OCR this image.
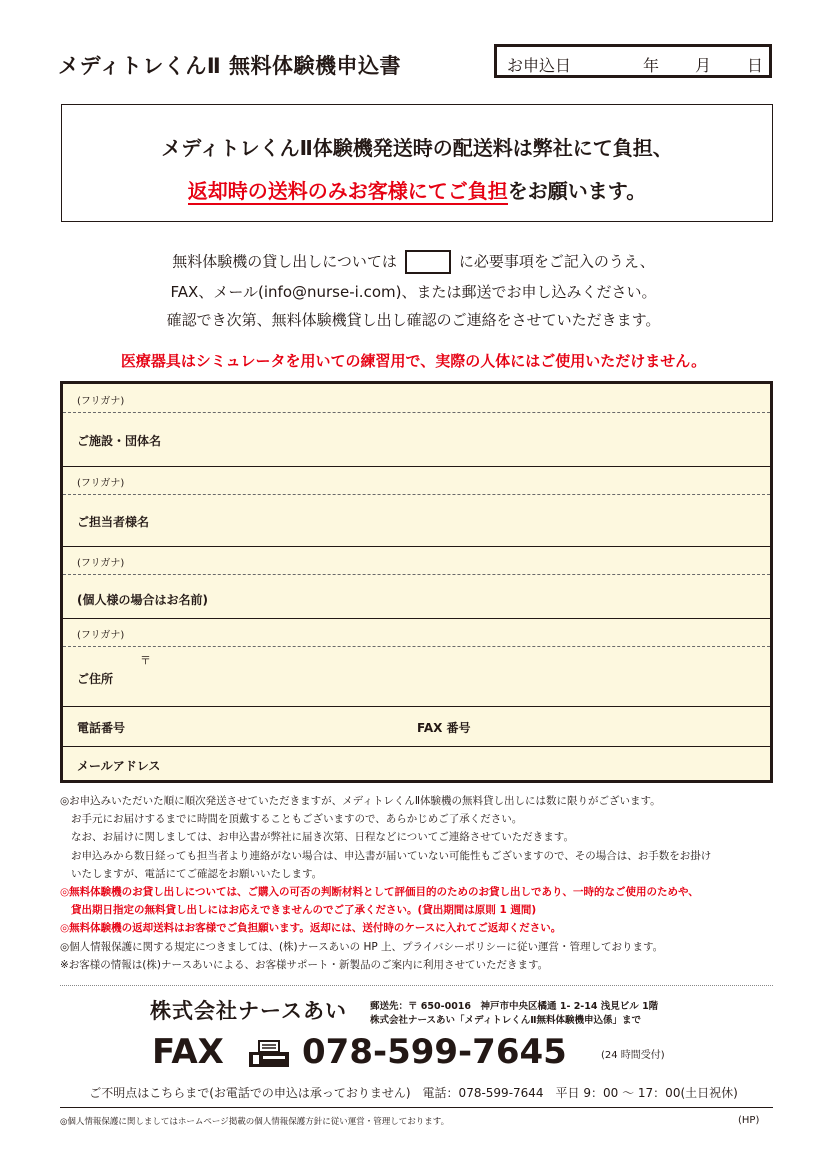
メディトレくんⅡ 無料体験機申込書	お申込日	年 月 日
メディトレくんⅡ体験機発送時の配送料は弊社にて負担、
返却時の送料のみお客様にてご負担をお願います。
無料体験機の貸し出しについては	に必要事項をご記入のうえ、
FAX、メール(info@nurse-i.com)、または郵送でお申し込みください。
確認でき次第、無料体験機貸し出し確認のご連絡をさせていただきます。
医療器具はシミュレータを用いての練習用で、実際の人体にはご使用いただけません。
(フリガナ)
ご施設・団体名
(フリガナ)
ご担当者様名
(フリガナ)
(個人様の場合はお名前)
(フリガナ)
〒
ご住所
電話番号	FAX 番号
メールアドレス
◎お申込みいただいた順に順次発送させていただきますが、メディトレくんⅡ体験機の無料貸し出しには数に限りがございます。
お手元にお届けするまでに時間を頂戴することもございますので、あらかじめご了承ください。
なお、お届けに関しましては、お申込書が弊社に届き次第、日程などについてご連絡させていただきます。
お申込みから数日経っても担当者より連絡がない場合は、申込書が届いていない可能性もございますので、その場合は、お手数をお掛け
いたしますが、電話にてご確認をお願いいたします。
◎無料体験機のお貸し出しについては、ご購入の可否の判断材料として評価目的のためのお貸し出しであり、一時的なご使用のためや、
貸出期日指定の無料貸し出しにはお応えできませんのでご了承ください。(貸出期間は原則 1 週間)
◎無料体験機の返却送料はお客様でご負担願います。返却には、送付時のケースに入れてご返却ください。
◎個人情報保護に関する規定につきましては、(株)ナースあいの HP 上、プライバシーポリシーに従い運営・管理しております。
※お客様の情報は(株)ナースあいによる、お客様サポート・新製品のご案内に利用させていただきます。
株式会社ナースあい 郵送先：〒 650-0016　神戸市中央区橘通 1- 2-14 浅見ビル 1階
株式会社ナースあい「メディトレくんⅡ無料体験機申込係」まで
FAX 078-599-7645	(24 時間受付)
ご不明点はこちらまで(お電話での申込は承っておりません)　電話：078-599-7644　平日 9：00 ～ 17：00(土日祝休)
◎個人情報保護に関しましてはホームページ掲載の個人情報保護方針に従い運営・管理しております。	(HP)
